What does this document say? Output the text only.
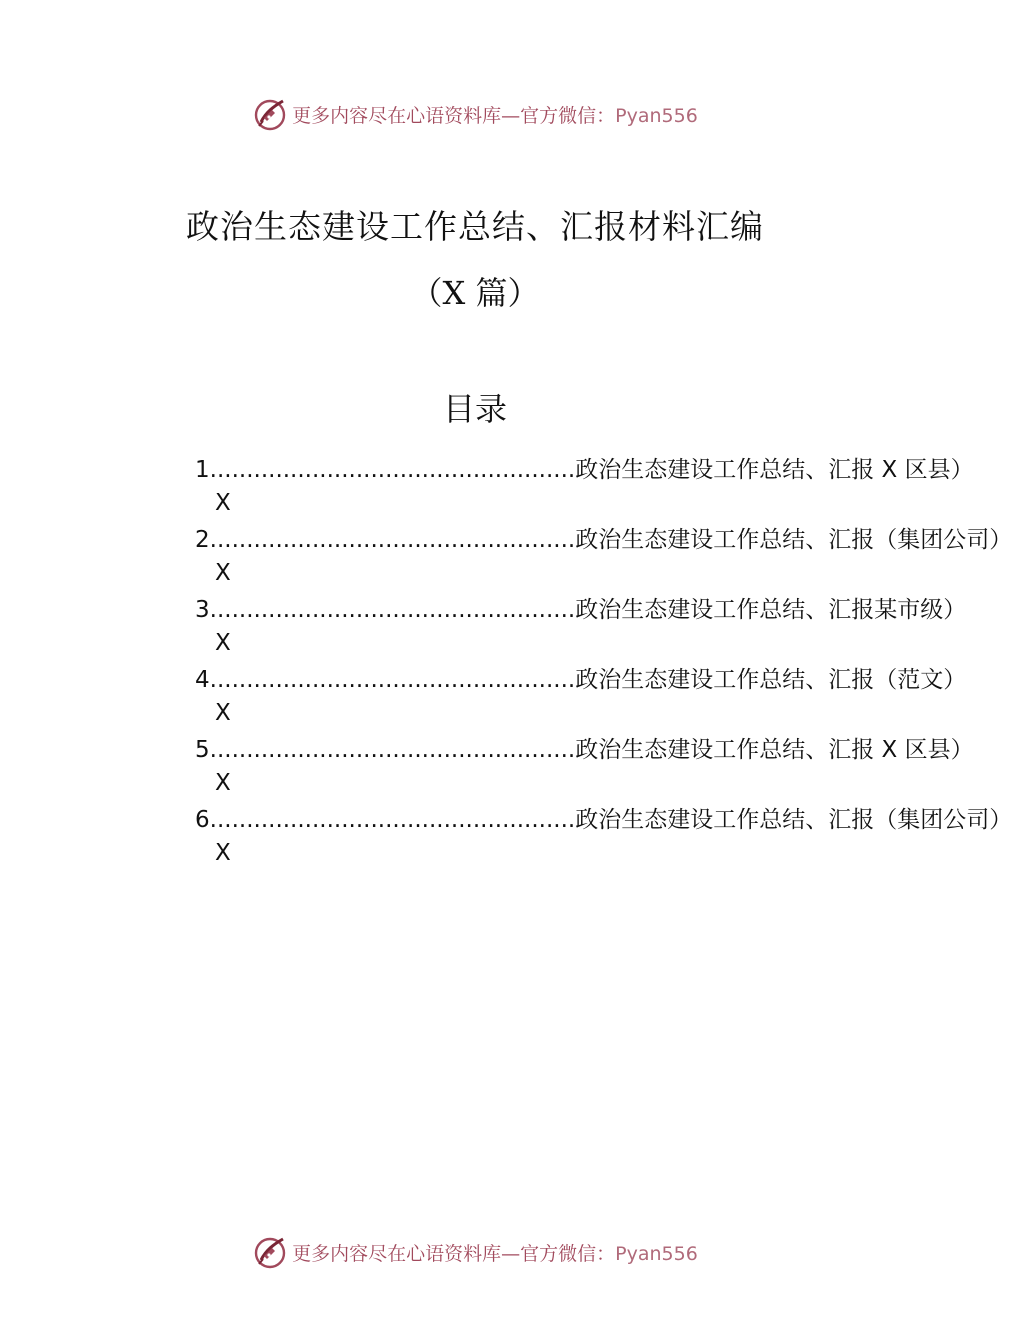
更多内容尽在心语资料库—官方微信：Pyan556
政治生态建设工作总结、汇报材料汇编
（X 篇）
目录
1 .................................................. 政治生态建设工作总结、汇报 X 区县）
X
2 .................................................. 政治生态建设工作总结、汇报（集团公司）
X
3 .................................................. 政治生态建设工作总结、汇报某市级）
X
4 .................................................. 政治生态建设工作总结、汇报（范文）
X
5 .................................................. 政治生态建设工作总结、汇报 X 区县）
X
6 .................................................. 政治生态建设工作总结、汇报（集团公司）
X
更多内容尽在心语资料库—官方微信：Pyan556
